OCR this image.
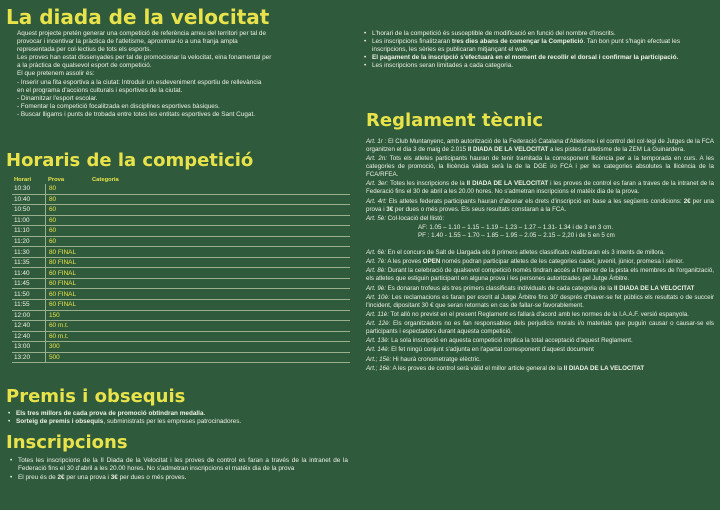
La diada de la velocitat
Aquest projecte pretén generar una competició de referència arreu del territori per tal de
provocar i incentivar la pràctica de l'atletisme, aproximar-lo a una franja ampla
representada per col·lectius de tots els esports.
Les proves han estat dissenyades per tal de promocionar la velocitat, eina fonamental per
a la pràctica de qualsevol esport de competició.
El que pretenem assolir és:
- Inserir una fita esportiva a la ciutat: Introduir un esdeveniment esportiu de rellevància
en el programa d'accions culturals i esportives de la ciutat.
- Dinamitzar l'esport escolar.
- Fomentar la competició focalitzada en disciplines esportives bàsiques.
- Buscar lligams i punts de trobada entre totes les entitats esportives de Sant Cugat.
Horaris de la competició
Horari	Prova	Categoria
10:30	80
10:40	80
10:50	60
11:00	60
11:10	60
11:20	60
11:30	80 FINAL
11:35	80 FINAL
11:40	60 FINAL
11:45	60 FINAL
11:50	60 FINAL
11:55	60 FINAL
12:00	150
12:40	60 m.t.
12:40	60 m.t.
13:00	300
13:20	500
Premis i obsequis
• Els tres millors de cada prova de promoció obtindran medalla.
• Sorteig de premis i obsequis, subministrats per les empreses patrocinadores.
Inscripcions
• Totes les inscripcions de la II Diada de la Velocitat i les proves de control es faran a través de la intranet de la Federació fins el 30 d'abril a les 20.00 hores. No s'admetran inscripcions el matéix dia de la prova
• El preu és de 2€ per una prova i 3€ per dues o més proves.
• L'horari de la competició és susceptible de modificació en funció del nombre d'inscrits.
• Les inscripcions finalitzaran tres dies abans de començar la Competició. Tan bon punt s'hagin efectuat les inscripcions, les sèries es publicaran mitjançant el web.
• El pagament de la inscripció s'efectuarà en el moment de recollir el dorsal i confirmar la participació.
• Les inscripcions seran limitades a cada categoria.
Reglament tècnic
Art. 1r : El Club Muntanyenc, amb autorització de la Federació Catalana d'Atletisme i el control del col·legi de Jutges de la FCA organitzen el dia 3 de maig de 2.015 II DIADA DE LA VELOCITAT a les pistes d'atletisme de la ZEM La Guinardera.
Art. 2n: Tots els atletes participants hauran de tenir tramitada la corresponent llicència per a la temporada en curs. A les categories de promoció, la llicència vàlida serà la de la DGE i/o FCA i per les categories absolutes la llicència de la FCA/RFEA.
Art. 3er: Totes les inscripcions de la II DIADA DE LA VELOCITAT i les proves de control es faran a traves de la intranet de la Federació fins el 30 de abril a les 20.00 hores. No s'admetran inscripcions el matéix dia de la prova.
Art. 4rt: Els atletes federats participants hauran d'abonar els drets d'inscripció en base a les següents condicions: 2€ per una prova i 3€ per dues o més proves. Els seus resultats constaran a la FCA.
Art. 5è: Col·locació del llistó:
AF: 1.05 – 1.10 – 1.15 – 1.19 – 1.23 – 1.27 – 1.31- 1.34 i de 3 en 3 cm.
PF : 1.40 - 1.55 – 1.70 – 1.85 – 1.95 – 2.05 – 2.15 – 2,20 i de 5 en 5 cm
Art. 6è: En el concurs de Salt de Llargada els 8 primers atletes classificats realitzaran els 3 intents de millora.
Art. 7è: A les proves OPEN només podran participar atletes de les categories cadet, juvenil, júnior, promesa i sènior.
Art. 8è: Durant la celebració de qualsevol competició només tindran accés a l'interior de la pista els membres de l'organització, els atletes que estiguin participant en alguna prova i les persones autoritzades pel Jutge Àrbitre.
Art. 9è: Es donaran trofeus als tres primers classificats individuals de cada categoria de la II DIADA DE LA VELOCITAT
Art. 10è: Les reclamacions es faran per escrit al Jutge Àrbitre fins 30' després d'haver-se fet públics els resultats o de succeir l'incident, dipositant 30 € que seran retornats en cas de fallar-se favorablement.
Art. 11è: Tot allò no previst en el present Reglament es fallarà d'acord amb les normes de la I.A.A.F. versió espanyola.
Art. 12è: Els organitzadors no es fan responsables dels perjudicis morals i/o materials que puguin causar o causar-se els participants i espectadors durant aquesta competició.
Art. 13è: La sola inscripció en aquesta competició implica la total acceptació d'aquest Reglament.
Art. 14è: El fet ningú conjunt s'adjunta en l'apartat corresponent d'aquest document
Art.; 15è: Hi haurà cronometratge elèctric.
Art.; 16è: A les proves de control serà vàlid el millor article general de la II DIADA DE LA VELOCITAT
